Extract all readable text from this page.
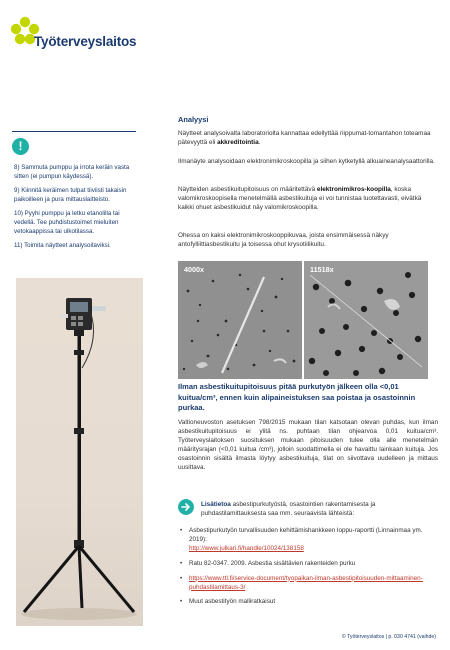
Työterveyslaitos
!

8) Sammuta pumppu ja irrota keräin vasta sitten (ei pumpun käydessä).

9) Kiinnitä keräimen tulpat tiiviisti takaisin paikoilleen ja pura mittauslaitteisto.

10) Pyyhi pumppu ja letku etanolilla tai vedellä. Tee puhdistustoimet mieluiten vetokaappissa tai ulkotilassa.

11) Toimita näytteet analysoitaviksi.

Analyysi

Näytteet analysoivalta laboratoriolta kannattaa edellyttää riippumat-tomantahon toteamaa pätevyyttä eli akkreditointia.

Ilmanäyte analysoidaan elektronimikroskoopilla ja siihen kytketyllä alkuaineanalysaattorilla.

Näytteiden asbestikuitupitoisuus on määritettävä elektronimikros-koopilla, koska valomikroskoopisella menetelmällä asbestikuituja ei voi tunnistaa luotettavasti, eivätkä kaikki ohuet asbestikuidut näy valomikroskoopilla.

Ohessa on kaksi elektronimikroskooppikuvaa, joista ensimmäisessä näkyy antofylliittiasbestikuitu ja toisessa ohut krysotiilikuitu.

4000x	11518x

Ilman asbestikuitupitoisuus pitää purkutyön jälkeen olla <0,01 kuitua/cm³, ennen kuin alipaineistuksen saa poistaa ja osastoinnin purkaa.

Valtioneuvoston asetuksen 798/2015 mukaan tilan katsotaan olevan puhdas, kun ilman asbestikuitupitoisuus ei ylitä ns. puhtaan tilan ohjearvoa 0,01 kuitua/cm³. Työterveyslaitoksen suosituksen mukaan pitoisuuden tulee olla alle menetelmän määritysrajan (<0,01 kuitua /cm³), jolloin suodattimella ei ole havaittu lainkaan kuituja. Jos osastoinnin sisältä ilmasta löytyy asbestikuituja, tilat on siivottava uudelleen ja mittaus uusittava.

Lisätietoa asbestipurkutyöstä, osastointien rakentamisesta ja puhdastilamittauksesta saa mm. seuraavista lähteistä:

• Asbestipurkutyön turvallisuuden kehittämishankkeen loppu-raportti (Linnainmaa ym. 2019):
http://www.julkari.fi/handle/10024/138158
• Ratu 82-0347. 2009. Asbestia sisältävien rakenteiden purku
• https://www.ttl.fi/service-document/tyopaikan-ilman-asbestipitoisuuden-mittaaminen-puhdastilamittaus-3/
• Muut asbestityön malliratkaisut
© Työterveyslaitos | p. 030 4741 (vaihde)
